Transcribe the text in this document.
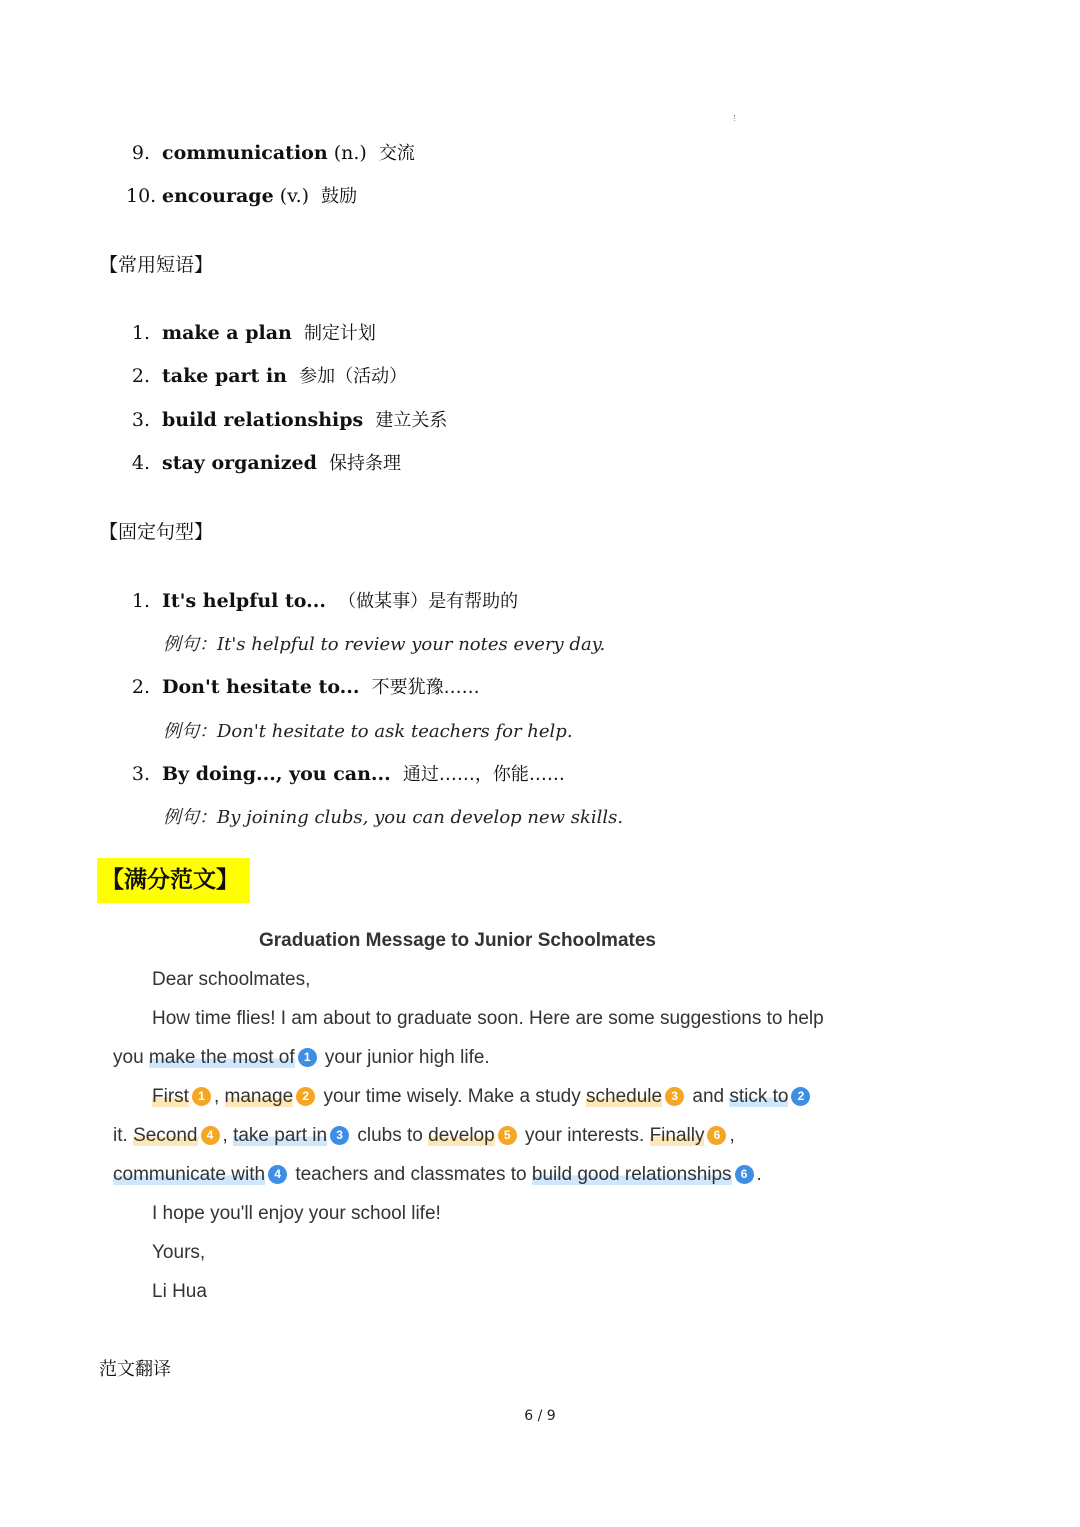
9. communication (n.) 交流
10. encourage (v.) 鼓励
【常用短语】
1. make a plan 制定计划
2. take part in 参加（活动）
3. build relationships 建立关系
4. stay organized 保持条理
【固定句型】
1. It's helpful to... （做某事）是有帮助的
例句：It's helpful to review your notes every day.
2. Don't hesitate to... 不要犹豫……
例句：Don't hesitate to ask teachers for help.
3. By doing..., you can... 通过……，你能……
例句：By joining clubs, you can develop new skills.
【满分范文】
Graduation Message to Junior Schoolmates
Dear schoolmates,
How time flies! I am about to graduate soon. Here are some suggestions to help
you make the most of 1 your junior high life.
First 1 , manage 2 your time wisely. Make a study schedule 3 and stick to 2
it. Second 4 , take part in 3 clubs to develop 5 your interests. Finally 6 ,
communicate with 4 teachers and classmates to build good relationships 6 .
I hope you'll enjoy your school life!
Yours,
Li Hua
范文翻译
6 / 9
